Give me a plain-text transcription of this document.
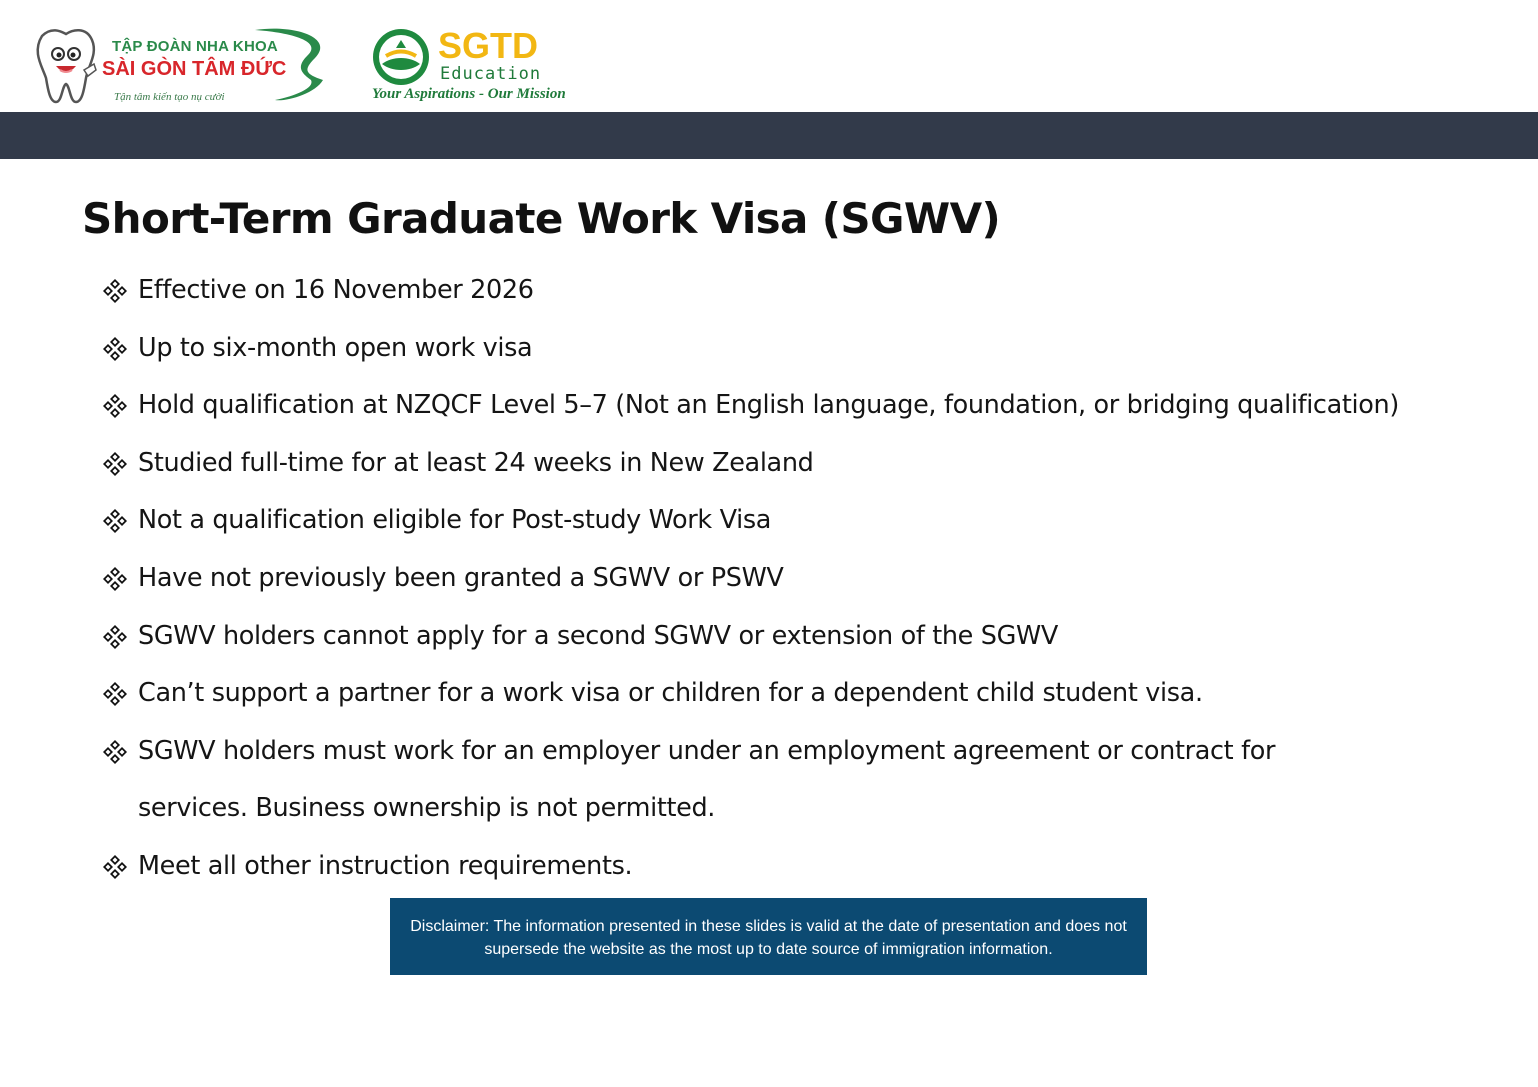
TẬP ĐOÀN NHA KHOA
SÀI GÒN TÂM ĐỨC
Tận tâm kiến tạo nụ cười
SGTD
Education
Your Aspirations - Our Mission
Short-Term Graduate Work Visa (SGWV)
Effective on 16 November 2026
Up to six-month open work visa
Hold qualification at NZQCF Level 5–7 (Not an English language, foundation, or bridging qualification)
Studied full-time for at least 24 weeks in New Zealand
Not a qualification eligible for Post-study Work Visa
Have not previously been granted a SGWV or PSWV
SGWV holders cannot apply for a second SGWV or extension of the SGWV
Can’t support a partner for a work visa or children for a dependent child student visa.
SGWV holders must work for an employer under an employment agreement or contract for services. Business ownership is not permitted.
Meet all other instruction requirements.
Disclaimer: The information presented in these slides is valid at the date of presentation and does not supersede the website as the most up to date source of immigration information.
